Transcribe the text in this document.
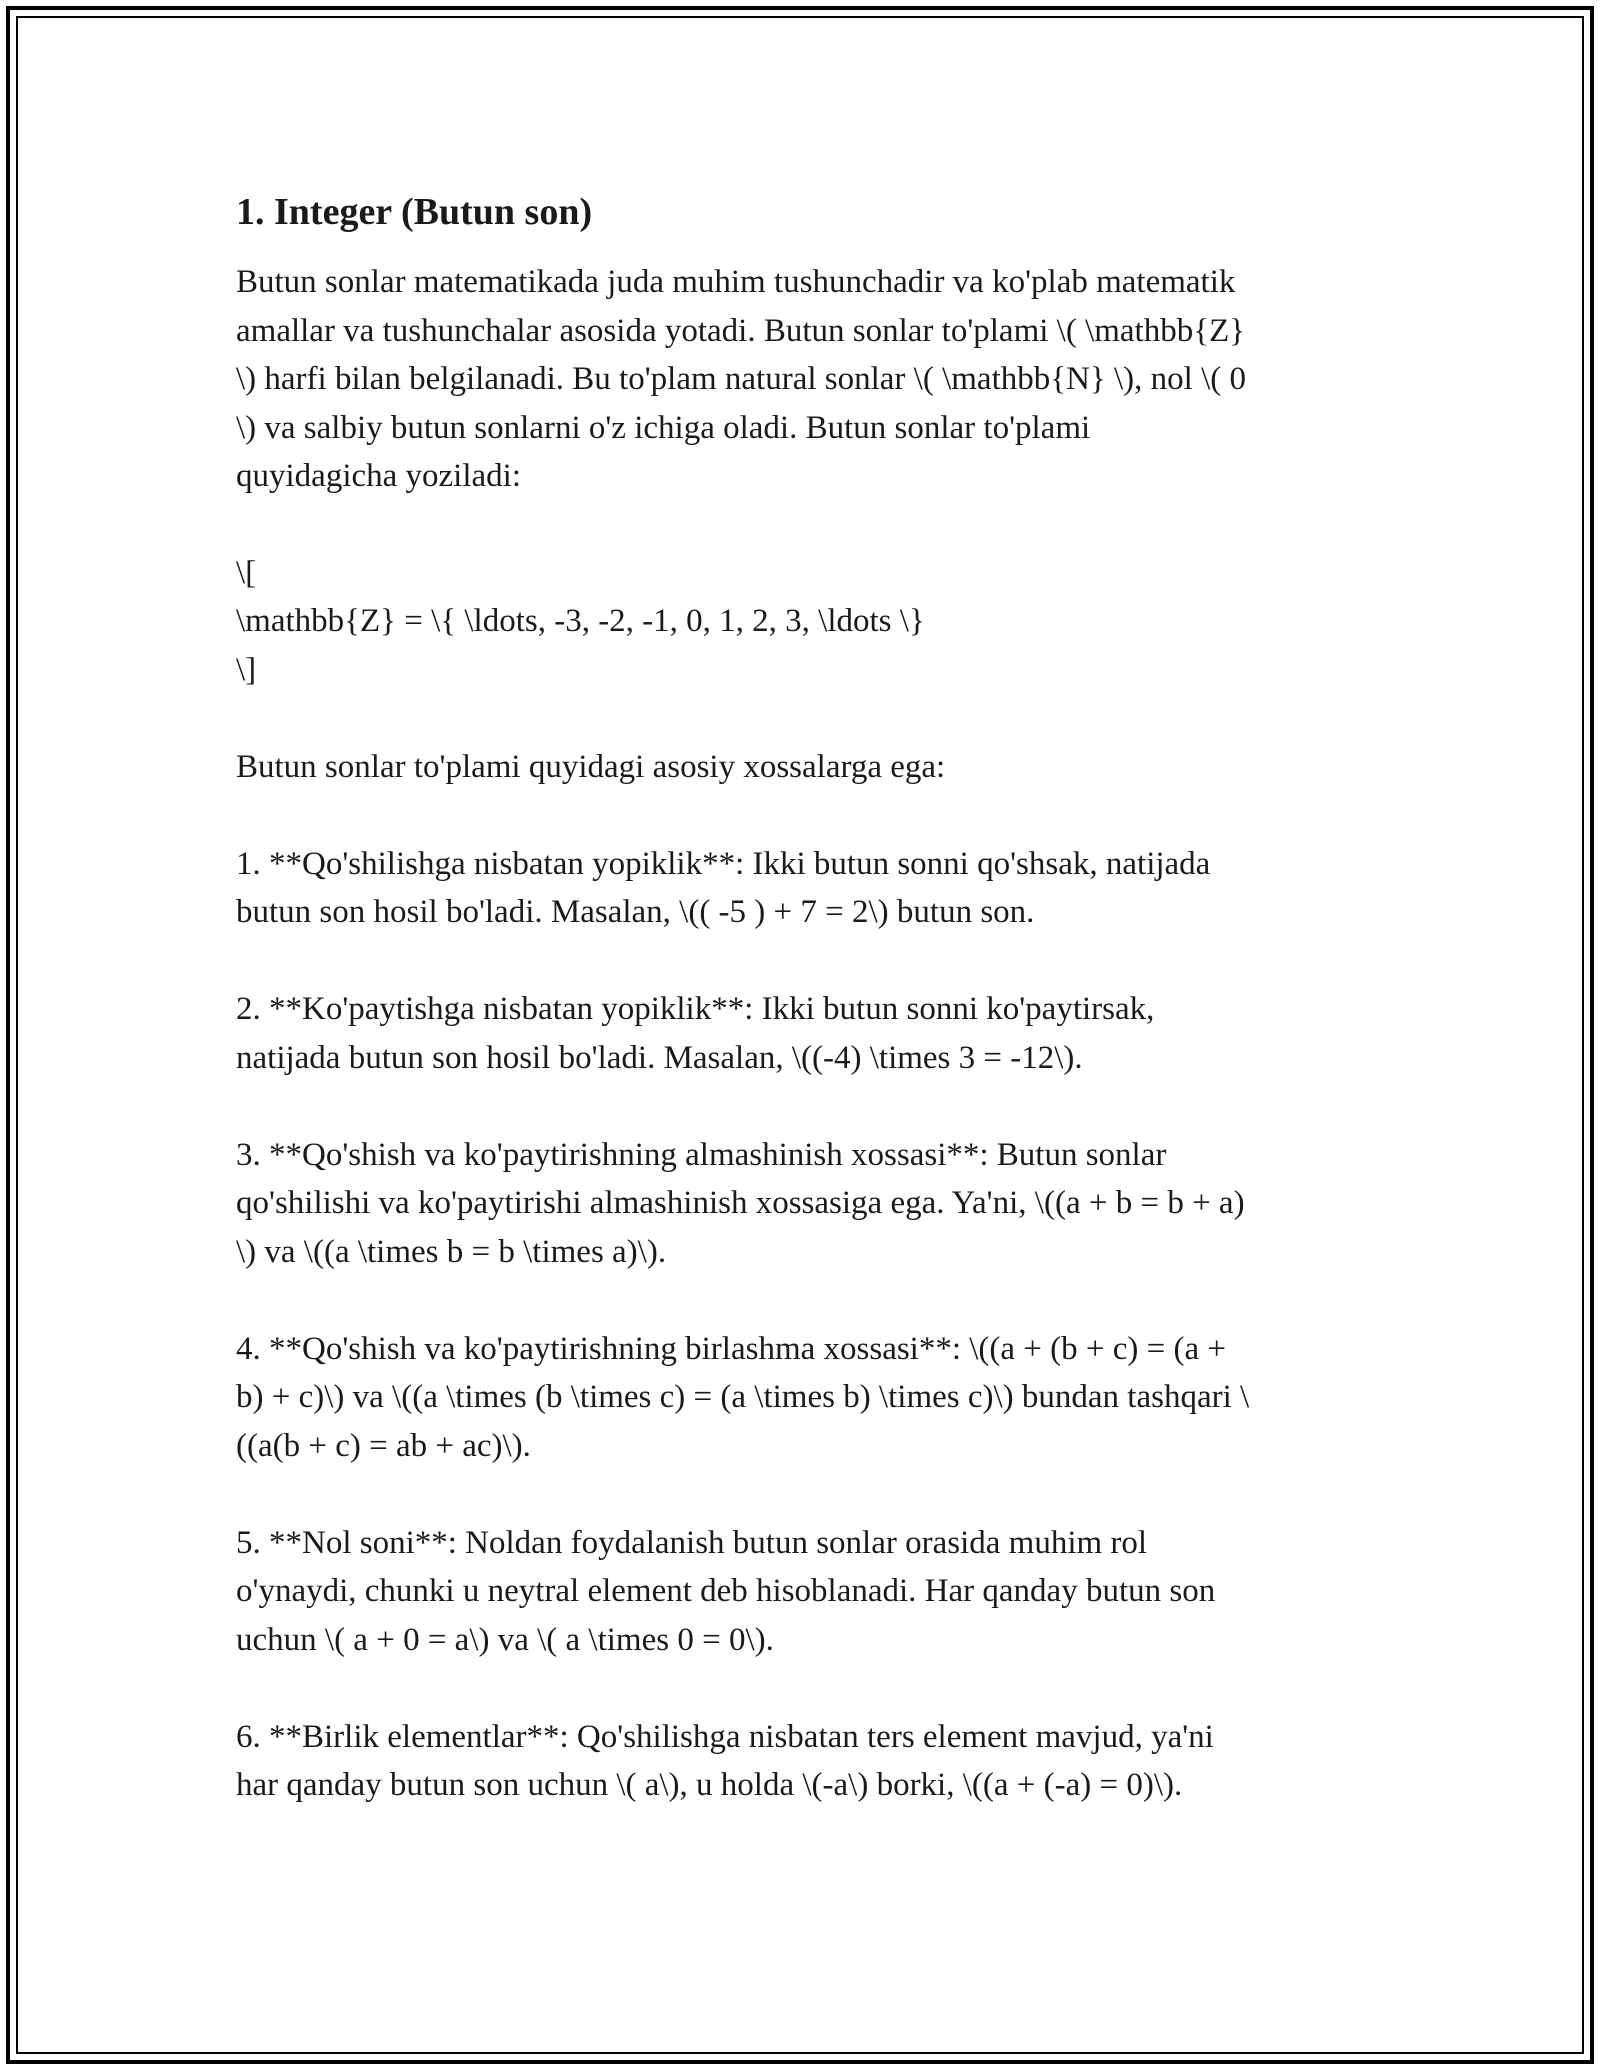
1. Integer (Butun son)

Butun sonlar matematikada juda muhim tushunchadir va ko'plab matematik
amallar va tushunchalar asosida yotadi. Butun sonlar to'plami \( \mathbb{Z}
\) harfi bilan belgilanadi. Bu to'plam natural sonlar \( \mathbb{N} \), nol \( 0
\) va salbiy butun sonlarni o'z ichiga oladi. Butun sonlar to'plami
quyidagicha yoziladi:

\[

\mathbb{Z} = \{ \ldots, -3, -2, -1, 0, 1, 2, 3, \ldots \}

\]

Butun sonlar to'plami quyidagi asosiy xossalarga ega:

1. **Qo'shilishga nisbatan yopiklik**: Ikki butun sonni qo'shsak, natijada
butun son hosil bo'ladi. Masalan, \(( -5 ) + 7 = 2\) butun son.

2. **Ko'paytishga nisbatan yopiklik**: Ikki butun sonni ko'paytirsak,
natijada butun son hosil bo'ladi. Masalan, \((-4) \times 3 = -12\).

3. **Qo'shish va ko'paytirishning almashinish xossasi**: Butun sonlar
qo'shilishi va ko'paytirishi almashinish xossasiga ega. Ya'ni, \((a + b = b + a)
\) va \((a \times b = b \times a)\).

4. **Qo'shish va ko'paytirishning birlashma xossasi**: \((a + (b + c) = (a +
b) + c)\) va \((a \times (b \times c) = (a \times b) \times c)\) bundan tashqari \
((a(b + c) = ab + ac)\).

5. **Nol soni**: Noldan foydalanish butun sonlar orasida muhim rol
o'ynaydi, chunki u neytral element deb hisoblanadi. Har qanday butun son
uchun \( a + 0 = a\) va \( a \times 0 = 0\).

6. **Birlik elementlar**: Qo'shilishga nisbatan ters element mavjud, ya'ni
har qanday butun son uchun \( a\), u holda \(-a\) borki, \((a + (-a) = 0)\).
